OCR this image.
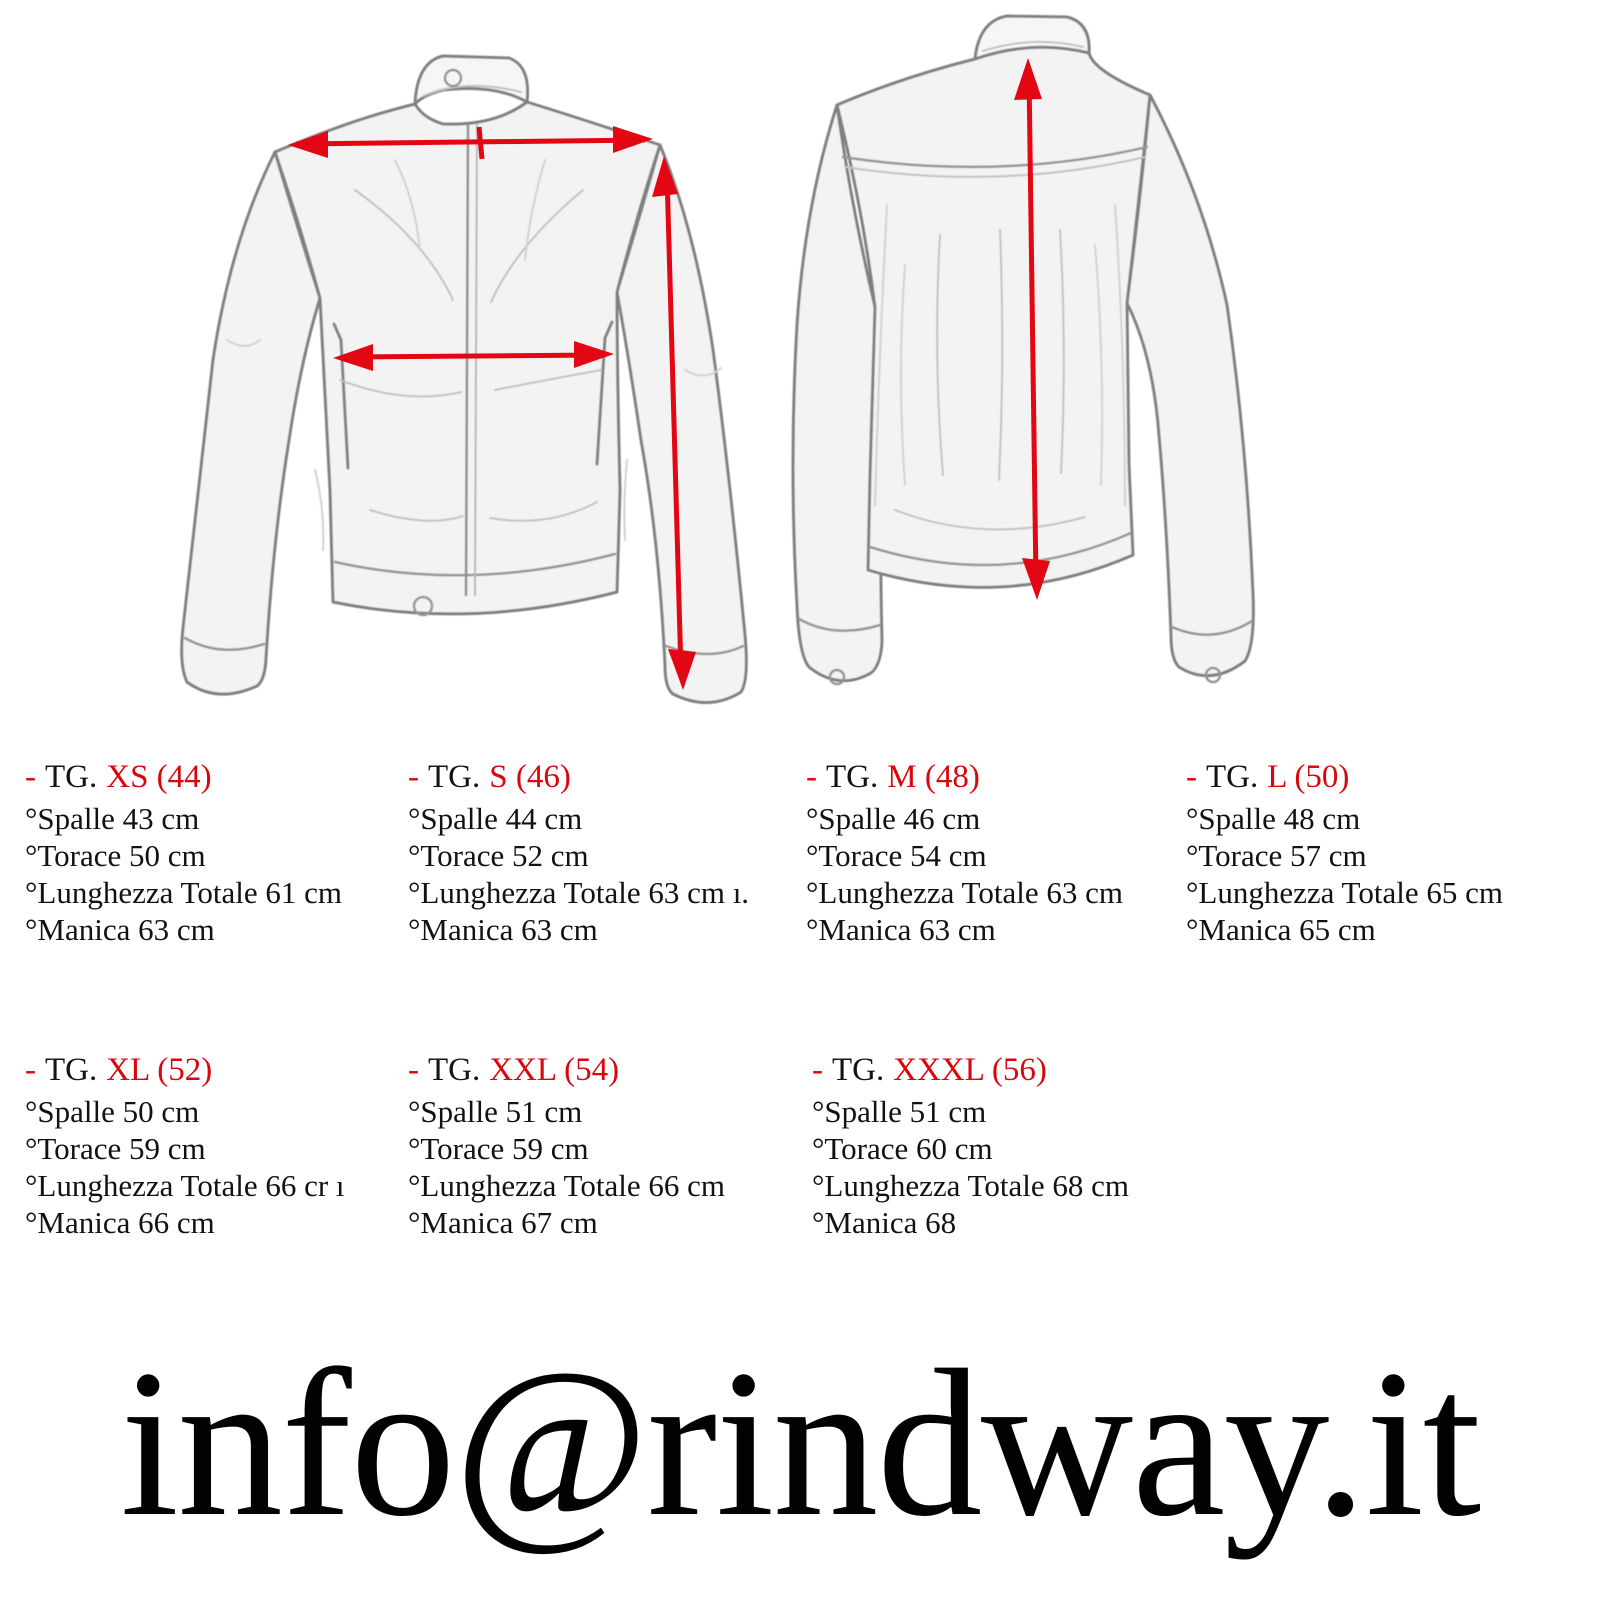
- TG. XS (44)
°Spalle 43 cm
°Torace 50 cm
°Lunghezza Totale 61 cm
°Manica 63 cm
- TG. S (46)
°Spalle 44 cm
°Torace 52 cm
°Lunghezza Totale 63 cm ı.
°Manica 63 cm
- TG. M (48)
°Spalle 46 cm
°Torace 54 cm
°Lunghezza Totale 63 cm
°Manica 63 cm
- TG. L (50)
°Spalle 48 cm
°Torace 57 cm
°Lunghezza Totale 65 cm
°Manica 65 cm
- TG. XL (52)
°Spalle 50 cm
°Torace 59 cm
°Lunghezza Totale 66 cr ı
°Manica 66 cm
- TG. XXL (54)
°Spalle 51 cm
°Torace 59 cm
°Lunghezza Totale 66 cm
°Manica 67 cm
- TG. XXXL (56)
°Spalle 51 cm
°Torace 60 cm
°Lunghezza Totale 68 cm
°Manica 68
info@rindway.it
